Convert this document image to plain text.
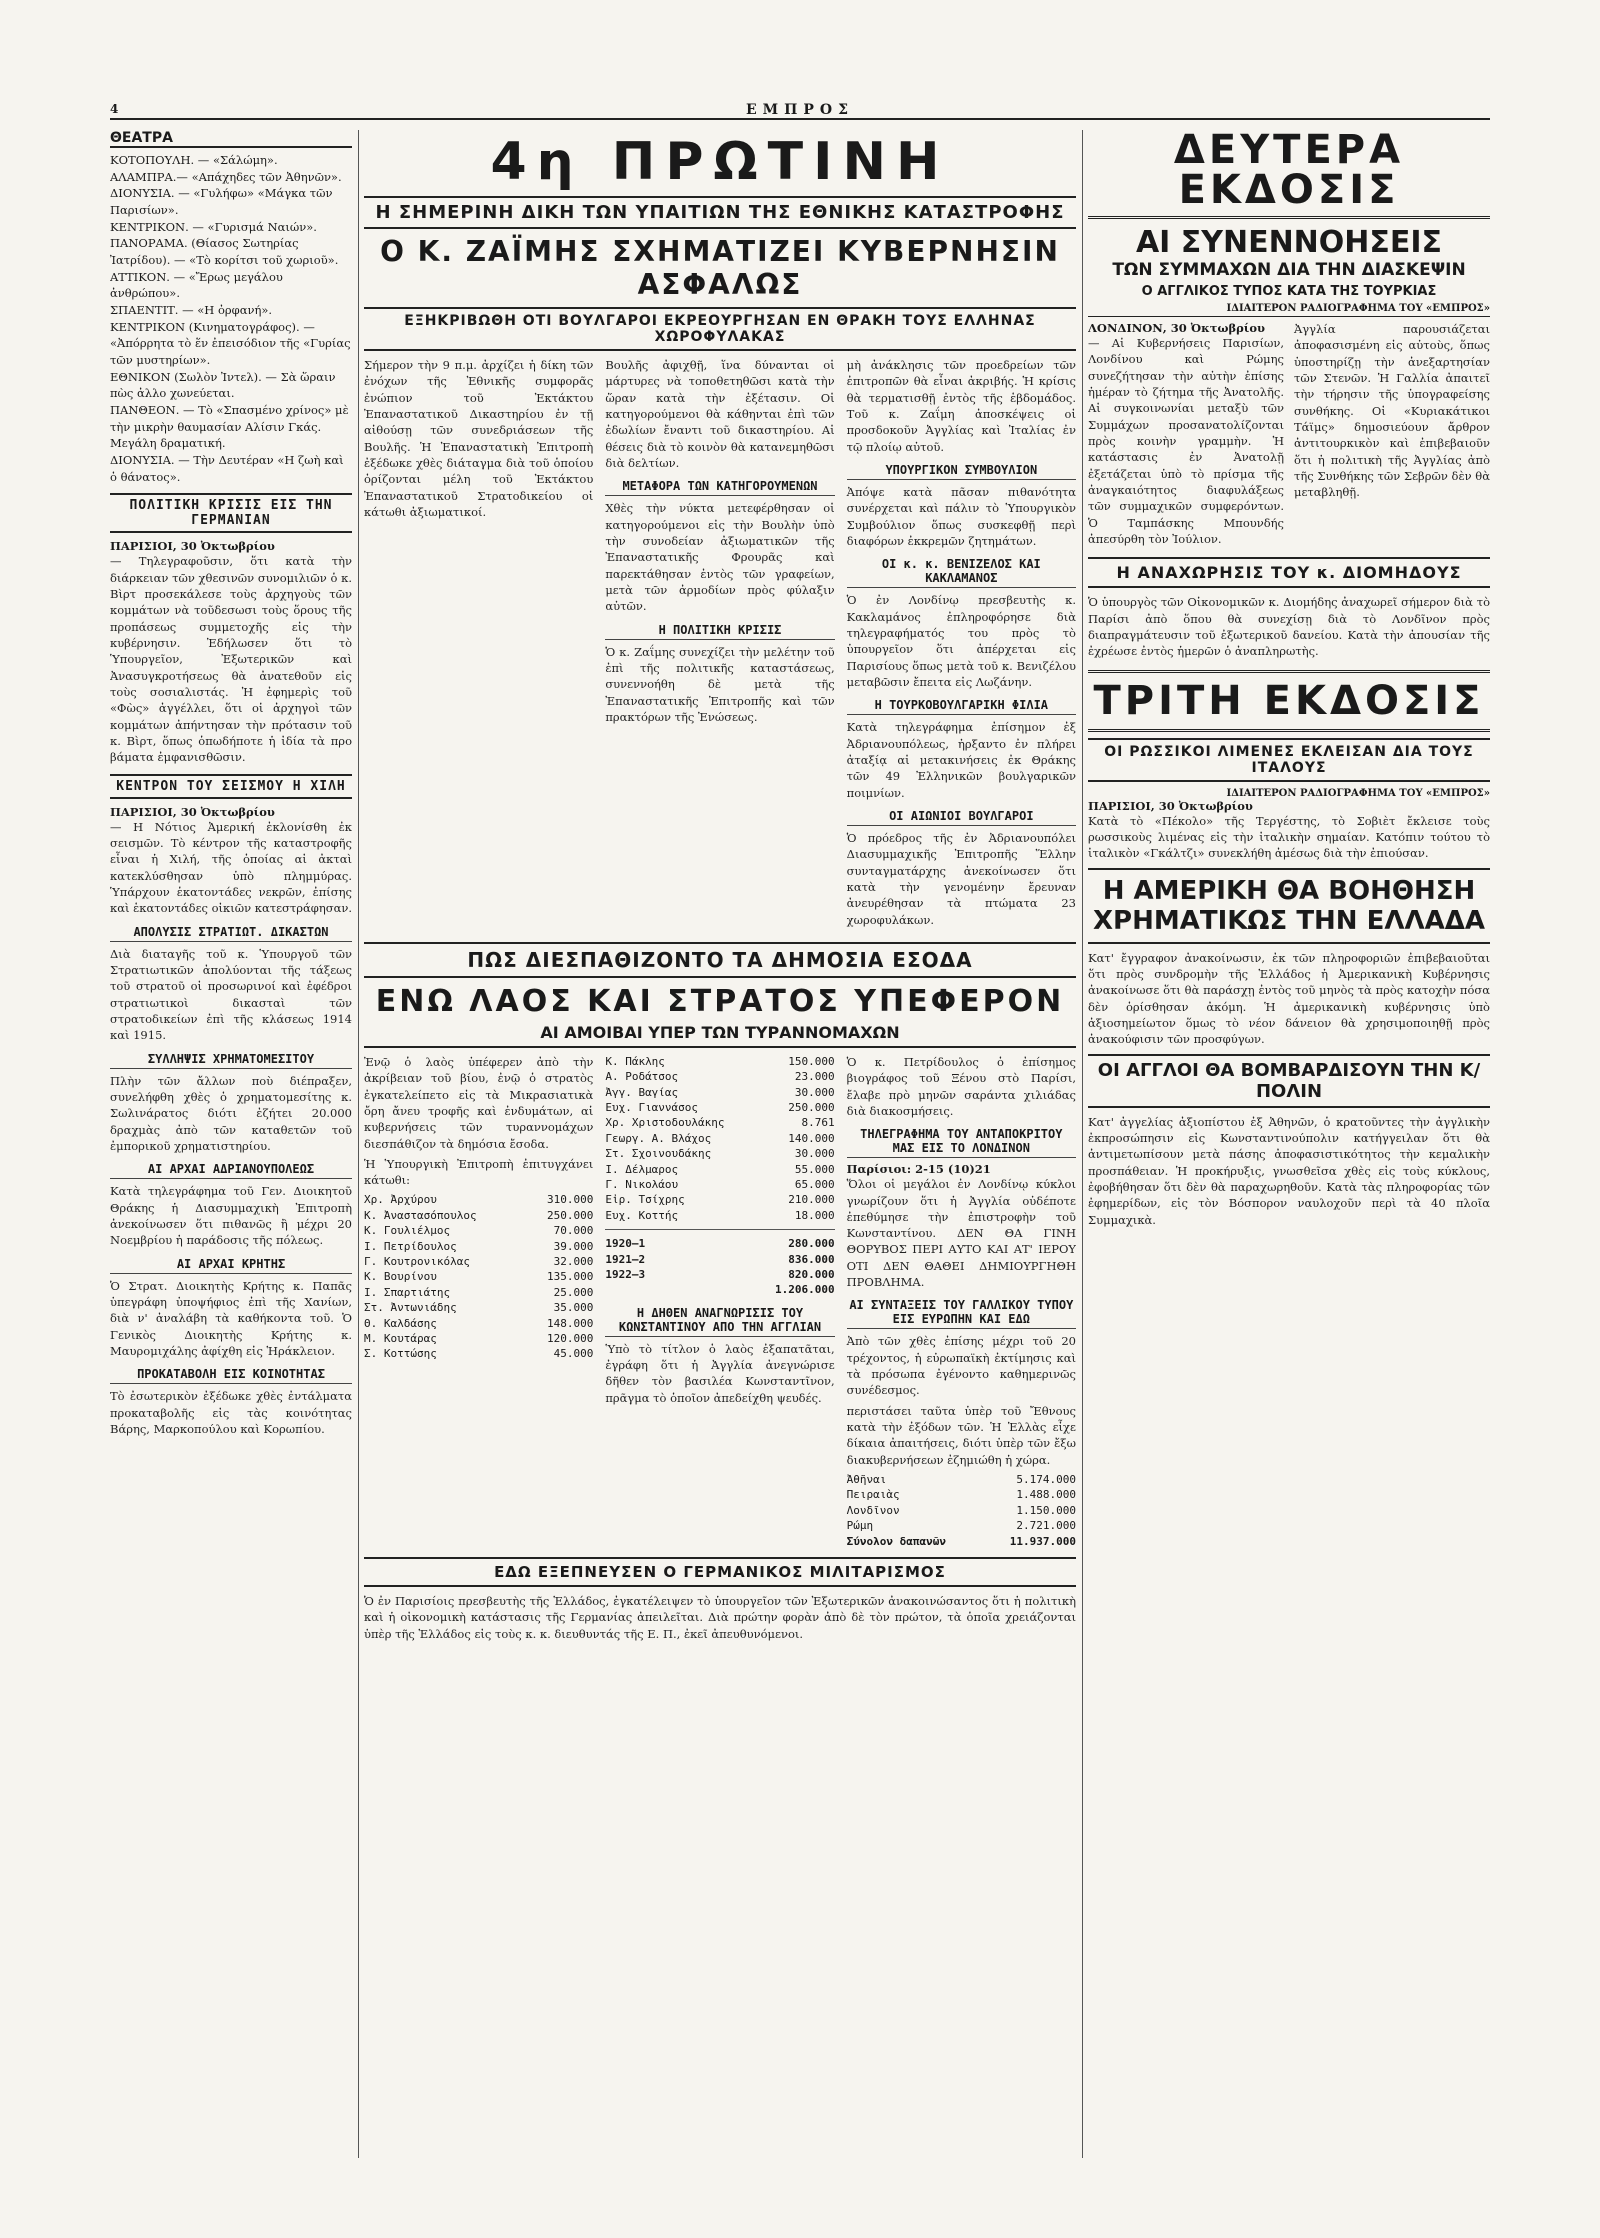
4	ΕΜΠΡΟΣ
ΘΕΑΤΡΑ
ΚΟΤΟΠΟΥΛΗ. — «Σάλώμη».
ΑΛΑΜΠΡΑ.— «Απάχηδες τῶν Ἀθηνῶν».
ΔΙΟΝΥΣΙΑ. — «Γυλήφω» «Μάγκα τῶν Παρισίων».
ΚΕΝΤΡΙΚΟΝ. — «Γυρισμά Ναιών».
ΠΑΝΟΡΑΜΑ. (Θίασος Σωτηρίας Ἰατρίδου). — «Τὸ κορίτσι τοῦ χωριοῦ».
ΑΤΤΙΚΟΝ. — «Ἔρως μεγάλου ἀνθρώπου».
ΣΠΑΕΝΤΙΤ. — «Η ὀρφανή».
ΚΕΝΤΡΙΚΟΝ (Κινηματογράφος). — «Ἀπόρρητα τὸ ἕν ἐπεισόδιον τῆς «Γυρίας τῶν μυστηρίων».
ΕΘΝΙΚΟΝ (Σωλὸν Ἰντελ). — Σὰ ὥραιν πὼς ἀλλο χωνεύεται.
ΠΑΝΘΕΟΝ. — Τὸ «Σπασμένο χρίνος» μὲ τὴν μικρὴν θαυμασίαν Αλίσιν Γκάς. Μεγάλη δραματική.
ΔΙΟΝΥΣΙΑ. — Τὴν Δευτέραν «Η ζωὴ καὶ ὁ θάνατος».
ΠΟΛΙΤΙΚΗ ΚΡΙΣΙΣ ΕΙΣ ΤΗΝ ΓΕΡΜΑΝΙΑΝ
ΠΑΡΙΣΙΟΙ, 30 Ὀκτωβρίου

— Τηλεγραφοῦσιν, ὅτι κατὰ τὴν διάρκειαν τῶν χθεσινῶν συνομιλιῶν ὁ κ. Βὶρτ προσεκάλεσε τοὺς ἀρχηγοὺς τῶν κομμάτων νὰ τοῦδεσωσι τοὺς ὅρους τῆς προπάσεως συμμετοχῆς εἰς τὴν κυβέρνησιν. Ἐδήλωσεν ὅτι τὸ Ὑπουργεῖον, Ἐξωτερικῶν καὶ Ἀνασυγκροτήσεως θὰ ἀνατεθοῦν εἰς τοὺς σοσιαλιστάς. Ἡ ἐφημερὶς τοῦ «Φὼς» ἀγγέλλει, ὅτι οἱ ἀρχηγοὶ τῶν κομμάτων ἀπήντησαν τὴν πρότασιν τοῦ κ. Βὶρτ, ὅπως ὁπωδήποτε ἡ ἰδία τὰ προ βάματα ἐμφανισθῶσιν.

ΚΕΝΤΡΟΝ ΤΟΥ ΣΕΙΣΜΟΥ Η ΧΙΛΗ
ΠΑΡΙΣΙΟΙ, 30 Ὀκτωβρίου

— Η Νότιος Ἀμερική ἐκλονίσθη ἐκ σεισμῶν. Τὸ κέντρον τῆς καταστροφῆς εἶναι ἡ Χιλή, τῆς ὁποίας αἱ ἀκταὶ κατεκλύσθησαν ὑπὸ πλημμύρας. Ὑπάρχουν ἑκατοντάδες νεκρῶν, ἐπίσης καὶ ἑκατοντάδες οἰκιῶν κατεστράφησαν.

ΑΠΟΛΥΣΙΣ ΣΤΡΑΤΙΩΤ. ΔΙΚΑΣΤΩΝ

Διὰ διαταγῆς τοῦ κ. Ὑπουργοῦ τῶν Στρατιωτικῶν ἀπολύονται τῆς τάξεως τοῦ στρατοῦ οἱ προσωρινοί καὶ ἐφέδροι στρατιωτικοὶ δικασταὶ τῶν στρατοδικείων ἐπὶ τῆς κλάσεως 1914 καὶ 1915.

ΣΥΛΛΗΨΙΣ ΧΡΗΜΑΤΟΜΕΣΙΤΟΥ

Πλὴν τῶν ἄλλων ποὺ διέπραξεν, συνελήφθη χθὲς ὁ χρηματομεσίτης κ. Σωλινάρατος διότι ἐζήτει 20.000 δραχμὰς ἀπὸ τῶν καταθετῶν τοῦ ἐμπορικοῦ χρηματιστηρίου.

ΑΙ ΑΡΧΑΙ ΑΔΡΙΑΝΟΥΠΟΛΕΩΣ

Κατὰ τηλεγράφημα τοῦ Γεν. Διοικητοῦ Θράκης ἡ Διασυμμαχικὴ Ἐπιτροπὴ ἀνεκοίνωσεν ὅτι πιθανῶς ἢ μέχρι 20 Νοεμβρίου ἡ παράδοσις τῆς πόλεως.

ΑΙ ΑΡΧΑΙ ΚΡΗΤΗΣ

Ὁ Στρατ. Διοικητὴς Κρήτης κ. Παπᾶς ὑπεγράφη ὑποψήφιος ἐπὶ τῆς Χανίων, διὰ ν' ἀναλάβη τὰ καθήκοντα τοῦ. Ὁ Γενικὸς Διοικητὴς Κρήτης κ. Μαυρομιχάλης ἀφίχθη εἰς Ἡράκλειον.

ΠΡΟΚΑΤΑΒΟΛΗ ΕΙΣ ΚΟΙΝΟΤΗΤΑΣ

Τὸ ἐσωτερικὸν ἐξέδωκε χθὲς ἐντάλματα προκαταβολῆς εἰς τὰς κοινότητας Βάρης, Μαρκοπούλου καὶ Κορωπίου.

4η ΠΡΩΤΙΝΗ
Η ΣΗΜΕΡΙΝΗ ΔΙΚΗ ΤΩΝ ΥΠΑΙΤΙΩΝ ΤΗΣ ΕΘΝΙΚΗΣ ΚΑΤΑΣΤΡΟΦΗΣ
Ο Κ. ΖΑΪΜΗΣ ΣΧΗΜΑΤΙΖΕΙ ΚΥΒΕΡΝΗΣΙΝ ΑΣΦΑΛΩΣ
ΕΞΗΚΡΙΒΩΘΗ ΟΤΙ ΒΟΥΛΓΑΡΟΙ ΕΚΡΕΟΥΡΓΗΣΑΝ ΕΝ ΘΡΑΚΗ ΤΟΥΣ ΕΛΛΗΝΑΣ ΧΩΡΟΦΥΛΑΚΑΣ

Σήμερον τὴν 9 π.μ. ἀρχίζει ἡ δίκη τῶν ἐνόχων τῆς Ἐθνικῆς συμφορᾶς ἐνώπιον τοῦ Ἐκτάκτου Ἐπαναστατικοῦ Δικαστηρίου ἐν τῇ αἰθούσῃ τῶν συνεδριάσεων τῆς Βουλῆς. Ἡ Ἐπαναστατικὴ Ἐπιτροπὴ ἐξέδωκε χθὲς διάταγμα διὰ τοῦ ὁποίου ὁρίζονται μέλη τοῦ Ἐκτάκτου Ἐπαναστατικοῦ Στρατοδικείου οἱ κάτωθι ἀξιωματικοί.

Βουλῆς ἀφιχθῇ, ἵνα δύνανται οἱ μάρτυρες νὰ τοποθετηθῶσι κατὰ τὴν ὥραν κατὰ τὴν ἐξέτασιν. Οἱ κατηγορούμενοι θὰ κάθηνται ἐπὶ τῶν ἐδωλίων ἔναντι τοῦ δικαστηρίου. Αἱ θέσεις διὰ τὸ κοινὸν θὰ κατανεμηθῶσι διὰ δελτίων.

ΜΕΤΑΦΟΡΑ ΤΩΝ ΚΑΤΗΓΟΡΟΥΜΕΝΩΝ

Χθὲς τὴν νύκτα μετεφέρθησαν οἱ κατηγορούμενοι εἰς τὴν Βουλὴν ὑπὸ τὴν συνοδείαν ἀξιωματικῶν τῆς Ἐπαναστατικῆς Φρουρᾶς καὶ παρεκτάθησαν ἐντὸς τῶν γραφείων, μετὰ τῶν ἀρμοδίων πρὸς φύλαξιν αὐτῶν.

Η ΠΟΛΙΤΙΚΗ ΚΡΙΣΙΣ

Ὁ κ. Ζαΐμης συνεχίζει τὴν μελέτην τοῦ ἐπὶ τῆς πολιτικῆς καταστάσεως, συνεννοήθη δὲ μετὰ τῆς Ἐπαναστατικῆς Ἐπιτροπῆς καὶ τῶν πρακτόρων τῆς Ἐνώσεως.

μὴ ἀνάκλησις τῶν προεδρείων τῶν ἐπιτροπῶν θὰ εἶναι ἀκριβής. Ἡ κρίσις θὰ τερματισθῇ ἐντὸς τῆς ἑβδομάδος. Τοῦ κ. Ζαΐμη ἀποσκέψεις οἱ προσδοκοῦν Ἀγγλίας καὶ Ἰταλίας ἐν τῷ πλοίῳ αὐτοῦ.

ΥΠΟΥΡΓΙΚΟΝ ΣΥΜΒΟΥΛΙΟΝ

Ἀπόψε κατὰ πᾶσαν πιθανότητα συνέρχεται καὶ πάλιν τὸ Ὑπουργικὸν Συμβούλιον ὅπως συσκεφθῇ περὶ διαφόρων ἐκκρεμῶν ζητημάτων.

ΟΙ κ. κ. ΒΕΝΙΖΕΛΟΣ ΚΑΙ ΚΑΚΛΑΜΑΝΟΣ

Ὁ ἐν Λονδίνῳ πρεσβευτὴς κ. Κακλαμάνος ἐπληροφόρησε διὰ τηλεγραφήματός του πρὸς τὸ ὑπουργεῖον ὅτι ἀπέρχεται εἰς Παρισίους ὅπως μετὰ τοῦ κ. Βενιζέλου μεταβῶσιν ἔπειτα εἰς Λωζάνην.

Η ΤΟΥΡΚΟΒΟΥΛΓΑΡΙΚΗ ΦΙΛΙΑ

Κατὰ τηλεγράφημα ἐπίσημον ἐξ Ἀδριανουπόλεως, ἠρξαντο ἐν πλήρει ἀταξίᾳ αἱ μετακινήσεις ἐκ Θράκης τῶν 49 Ἐλληνικῶν βουλγαρικῶν ποιμνίων.

ΟΙ ΑΙΩΝΙΟΙ ΒΟΥΛΓΑΡΟΙ

Ὁ πρόεδρος τῆς ἐν Ἀδριανουπόλει Διασυμμαχικῆς Ἐπιτροπῆς Ἕλλην συνταγματάρχης ἀνεκοίνωσεν ὅτι κατὰ τὴν γενομένην ἔρευναν ἀνευρέθησαν τὰ πτώματα 23 χωροφυλάκων.

ΠΩΣ ΔΙΕΣΠΑΘΙΖΟΝΤΟ ΤΑ ΔΗΜΟΣΙΑ ΕΣΟΔΑ
ΕΝΩ ΛΑΟΣ ΚΑΙ ΣΤΡΑΤΟΣ ΥΠΕΦΕΡΟΝ
ΑΙ ΑΜΟΙΒΑΙ ΥΠΕΡ ΤΩΝ ΤΥΡΑΝΝΟΜΑΧΩΝ

Ἐνῷ ὁ λαὸς ὑπέφερεν ἀπὸ τὴν ἀκρίβειαν τοῦ βίου, ἐνῷ ὁ στρατὸς ἐγκατελείπετο εἰς τὰ Μικρασιατικὰ ὄρη ἄνευ τροφῆς καὶ ἐνδυμάτων, αἱ κυβερνήσεις τῶν τυραννομάχων διεσπάθιζον τὰ δημόσια ἔσοδα.

Ἡ Ὑπουργικὴ Ἐπιτροπὴ ἐπιτυγχάνει κάτωθι:

Χρ. Ἀρχύρου	310.000
Κ. Ἀναστασόπουλος	250.000
Κ. Γουλιέλμος	70.000
Ι. Πετρίδουλος	39.000
Γ. Κουτρονικόλας	32.000
Κ. Βουρίνου	135.000
Ι. Σπαρτιάτης	25.000
Στ. Ἀντωνιάδης	35.000
Θ. Καλδάσης	148.000
Μ. Κουτάρας	120.000
Σ. Κοττώσης	45.000
Κ. Πάκλης	150.000
Α. Ροδάτσος	23.000
Ἀγγ. Βαγίας	30.000
Ευχ. Γιαννάσος	250.000
Χρ. Χριστοδουλάκης	8.761
Γεωργ. Α. Βλάχος	140.000
Στ. Σχοινουδάκης	30.000
Ι. Δέλμαρος	55.000
Γ. Νικολάου	65.000
Εἰρ. Τσίχρης	210.000
Ευχ. Κοττής	18.000
1920—1	280.000
1921—2	836.000
1922—3	820.000
1.206.000
Η ΔΗΘΕΝ ΑΝΑΓΝΩΡΙΣΙΣ ΤΟΥ ΚΩΝΣΤΑΝΤΙΝΟΥ ΑΠΟ ΤΗΝ ΑΓΓΛΙΑΝ

Ὑπὸ τὸ τίτλον ὁ λαὸς ἐξαπατᾶται, ἐγράφη ὅτι ἡ Ἀγγλία ἀνεγνώρισε δῆθεν τὸν βασιλέα Κωνσταντῖνον, πρᾶγμα τὸ ὁποῖον ἀπεδείχθη ψευδές.

Ὁ κ. Πετρίδουλος ὁ ἐπίσημος βιογράφος τοῦ Ξένου στὸ Παρίσι, ἔλαβε πρὸ μηνῶν σαράντα χιλιάδας διὰ διακοσμήσεις.

ΤΗΛΕΓΡΑΦΗΜΑ ΤΟΥ ΑΝΤΑΠΟΚΡΙΤΟΥ ΜΑΣ ΕΙΣ ΤΟ ΛΟΝΔΙΝΟΝ
Παρίσιοι: 2-15 (10)21

Ὅλοι οἱ μεγάλοι ἐν Λονδίνῳ κύκλοι γνωρίζουν ὅτι ἡ Ἀγγλία οὐδέποτε ἐπεθύμησε τὴν ἐπιστροφὴν τοῦ Κωνσταντίνου. ΔΕΝ ΘΑ ΓΙΝΗ ΘΟΡΥΒΟΣ ΠΕΡΙ ΑΥΤΟ ΚΑΙ ΑΤ' ΙΕΡΟΥ ΟΤΙ ΔΕΝ ΘΑΘΕΙ ΔΗΜΙΟΥΡΓΗΘΗ ΠΡΟΒΛΗΜΑ.

ΑΙ ΣΥΝΤΑΞΕΙΣ ΤΟΥ ΓΑΛΛΙΚΟΥ ΤΥΠΟΥ ΕΙΣ ΕΥΡΩΠΗΝ ΚΑΙ ΕΔΩ

Ἀπὸ τῶν χθὲς ἐπίσης μέχρι τοῦ 20 τρέχοντος, ἡ εὐρωπαϊκὴ ἐκτίμησις καὶ τὰ πρόσωπα ἐγένοντο καθημερινῶς συνέδεσμος.

περιστάσει ταῦτα ὑπὲρ τοῦ Ἔθνους κατὰ τὴν ἐξόδων τῶν. Ἡ Ἑλλὰς εἶχε δίκαια ἀπαιτήσεις, διότι ὑπὲρ τῶν ἔξω διακυβερνήσεων ἐζημιώθη ἡ χώρα.

Ἀθῆναι	5.174.000
Πειραιὰς	1.488.000
Λονδῖνον	1.150.000
Ρώμη	2.721.000
Σύνολον δαπανῶν	11.937.000
ΕΔΩ ΕΞΕΠΝΕΥΣΕΝ Ο ΓΕΡΜΑΝΙΚΟΣ ΜΙΛΙΤΑΡΙΣΜΟΣ

Ὁ ἐν Παρισίοις πρεσβευτὴς τῆς Ἑλλάδος, ἐγκατέλειψεν τὸ ὑπουργεῖον τῶν Ἐξωτερικῶν ἀνακοινώσαντος ὅτι ἡ πολιτικὴ καὶ ἡ οἰκονομικὴ κατάστασις τῆς Γερμανίας ἀπειλεῖται. Διὰ πρώτην φορὰν ἀπὸ δὲ τὸν πρώτον, τὰ ὁποῖα χρειάζονται ὑπὲρ τῆς Ἑλλάδος εἰς τοὺς κ. κ. διευθυντάς τῆς Ε. Π., ἐκεῖ ἀπευθυνόμενοι.

ΔΕΥΤΕΡΑ ΕΚΔΟΣΙΣ
ΑΙ ΣΥΝΕΝΝΟΗΣΕΙΣ
ΤΩΝ ΣΥΜΜΑΧΩΝ ΔΙΑ ΤΗΝ ΔΙΑΣΚΕΨΙΝ
Ο ΑΓΓΛΙΚΟΣ ΤΥΠΟΣ ΚΑΤΑ ΤΗΣ ΤΟΥΡΚΙΑΣ
ΙΔΙΑΙΤΕΡΟΝ ΡΑΔΙΟΓΡΑΦΗΜΑ ΤΟΥ «ΕΜΠΡΟΣ»
ΛΟΝΔΙΝΟΝ, 30 Ὀκτωβρίου

— Αἱ Κυβερνήσεις Παρισίων, Λονδίνου καὶ Ρώμης συνεζήτησαν τὴν αὐτὴν ἐπίσης ἡμέραν τὸ ζήτημα τῆς Ἀνατολῆς. Αἱ συγκοινωνίαι μεταξὺ τῶν Συμμάχων προσανατολίζονται πρὸς κοινὴν γραμμὴν. Ἡ κατάστασις ἐν Ἀνατολῇ ἐξετάζεται ὑπὸ τὸ πρίσμα τῆς ἀναγκαιότητος διαφυλάξεως τῶν συμμαχικῶν συμφερόντων. Ὁ Ταμπάσκης Μπουνδής ἀπεσύρθη τὸν Ἰούλιον.

Ἀγγλία παρουσιάζεται ἀποφασισμένη εἰς αὐτοὺς, ὅπως ὑποστηρίζῃ τὴν ἀνεξαρτησίαν τῶν Στενῶν. Ἡ Γαλλία ἀπαιτεῖ τὴν τήρησιν τῆς ὑπογραφείσης συνθήκης. Οἱ «Κυριακάτικοι Τάϊμς» δημοσιεύουν ἄρθρον ἀντιτουρκικὸν καὶ ἐπιβεβαιοῦν ὅτι ἡ πολιτικὴ τῆς Ἀγγλίας ἀπὸ τῆς Συνθήκης τῶν Σεβρῶν δὲν θὰ μεταβληθῇ.

Η ΑΝΑΧΩΡΗΣΙΣ ΤΟΥ κ. ΔΙΟΜΗΔΟΥΣ

Ὁ ὑπουργὸς τῶν Οἰκονομικῶν κ. Διομήδης ἀναχωρεῖ σήμερον διὰ τὸ Παρίσι ἀπὸ ὅπου θὰ συνεχίσῃ διὰ τὸ Λονδῖνον πρὸς διαπραγμάτευσιν τοῦ ἐξωτερικοῦ δανείου. Κατὰ τὴν ἀπουσίαν τῆς ἐχρέωσε ἐντὸς ἡμερῶν ὁ ἀναπληρωτὴς.

ΤΡΙΤΗ ΕΚΔΟΣΙΣ
ΟΙ ΡΩΣΣΙΚΟΙ ΛΙΜΕΝΕΣ ΕΚΛΕΙΣΑΝ ΔΙΑ ΤΟΥΣ ΙΤΑΛΟΥΣ
ΙΔΙΑΙΤΕΡΟΝ ΡΑΔΙΟΓΡΑΦΗΜΑ ΤΟΥ «ΕΜΠΡΟΣ»
ΠΑΡΙΣΙΟΙ, 30 Ὀκτωβρίου

Κατὰ τὸ «Πέκολο» τῆς Τεργέστης, τὸ Σοβιὲτ ἔκλεισε τοὺς ρωσσικοὺς λιμένας εἰς τὴν ἰταλικὴν σημαίαν. Κατόπιν τούτου τὸ ἰταλικὸν «Γκάλτζι» συνεκλήθη ἀμέσως διὰ τὴν ἐπιούσαν.

Η ΑΜΕΡΙΚΗ ΘΑ ΒΟΗΘΗΣΗ ΧΡΗΜΑΤΙΚΩΣ ΤΗΝ ΕΛΛΑΔΑ

Κατ' ἔγγραφον ἀνακοίνωσιν, ἐκ τῶν πληροφοριῶν ἐπιβεβαιοῦται ὅτι πρὸς συνδρομὴν τῆς Ἑλλάδος ἡ Ἀμερικανικὴ Κυβέρνησις ἀνακοίνωσε ὅτι θὰ παράσχῃ ἐντὸς τοῦ μηνὸς τὰ πρὸς κατοχὴν πόσα δὲν ὁρίσθησαν ἀκόμη. Ἡ ἀμερικανικὴ κυβέρνησις ὑπὸ ἀξιοσημείωτον ὅμως τὸ νέον δάνειον θὰ χρησιμοποιηθῇ πρὸς ἀνακούφισιν τῶν προσφύγων.

ΟΙ ΑΓΓΛΟΙ ΘΑ ΒΟΜΒΑΡΔΙΣΟΥΝ ΤΗΝ Κ/ΠΟΛΙΝ

Κατ' ἀγγελίας ἀξιοπίστου ἐξ Ἀθηνῶν, ὁ κρατοῦντες τὴν ἀγγλικὴν ἐκπροσώπησιν εἰς Κωνσταντινούπολιν κατήγγειλαν ὅτι θὰ ἀντιμετωπίσουν μετὰ πάσης ἀποφασιστικότητος τὴν κεμαλικὴν προσπάθειαν. Ἡ προκήρυξις, γνωσθεῖσα χθὲς εἰς τοὺς κύκλους, ἐφοβήθησαν ὅτι δὲν θὰ παραχωρηθοῦν. Κατὰ τὰς πληροφορίας τῶν ἐφημερίδων, εἰς τὸν Βόσπορον ναυλοχοῦν περὶ τὰ 40 πλοῖα Συμμαχικὰ.
